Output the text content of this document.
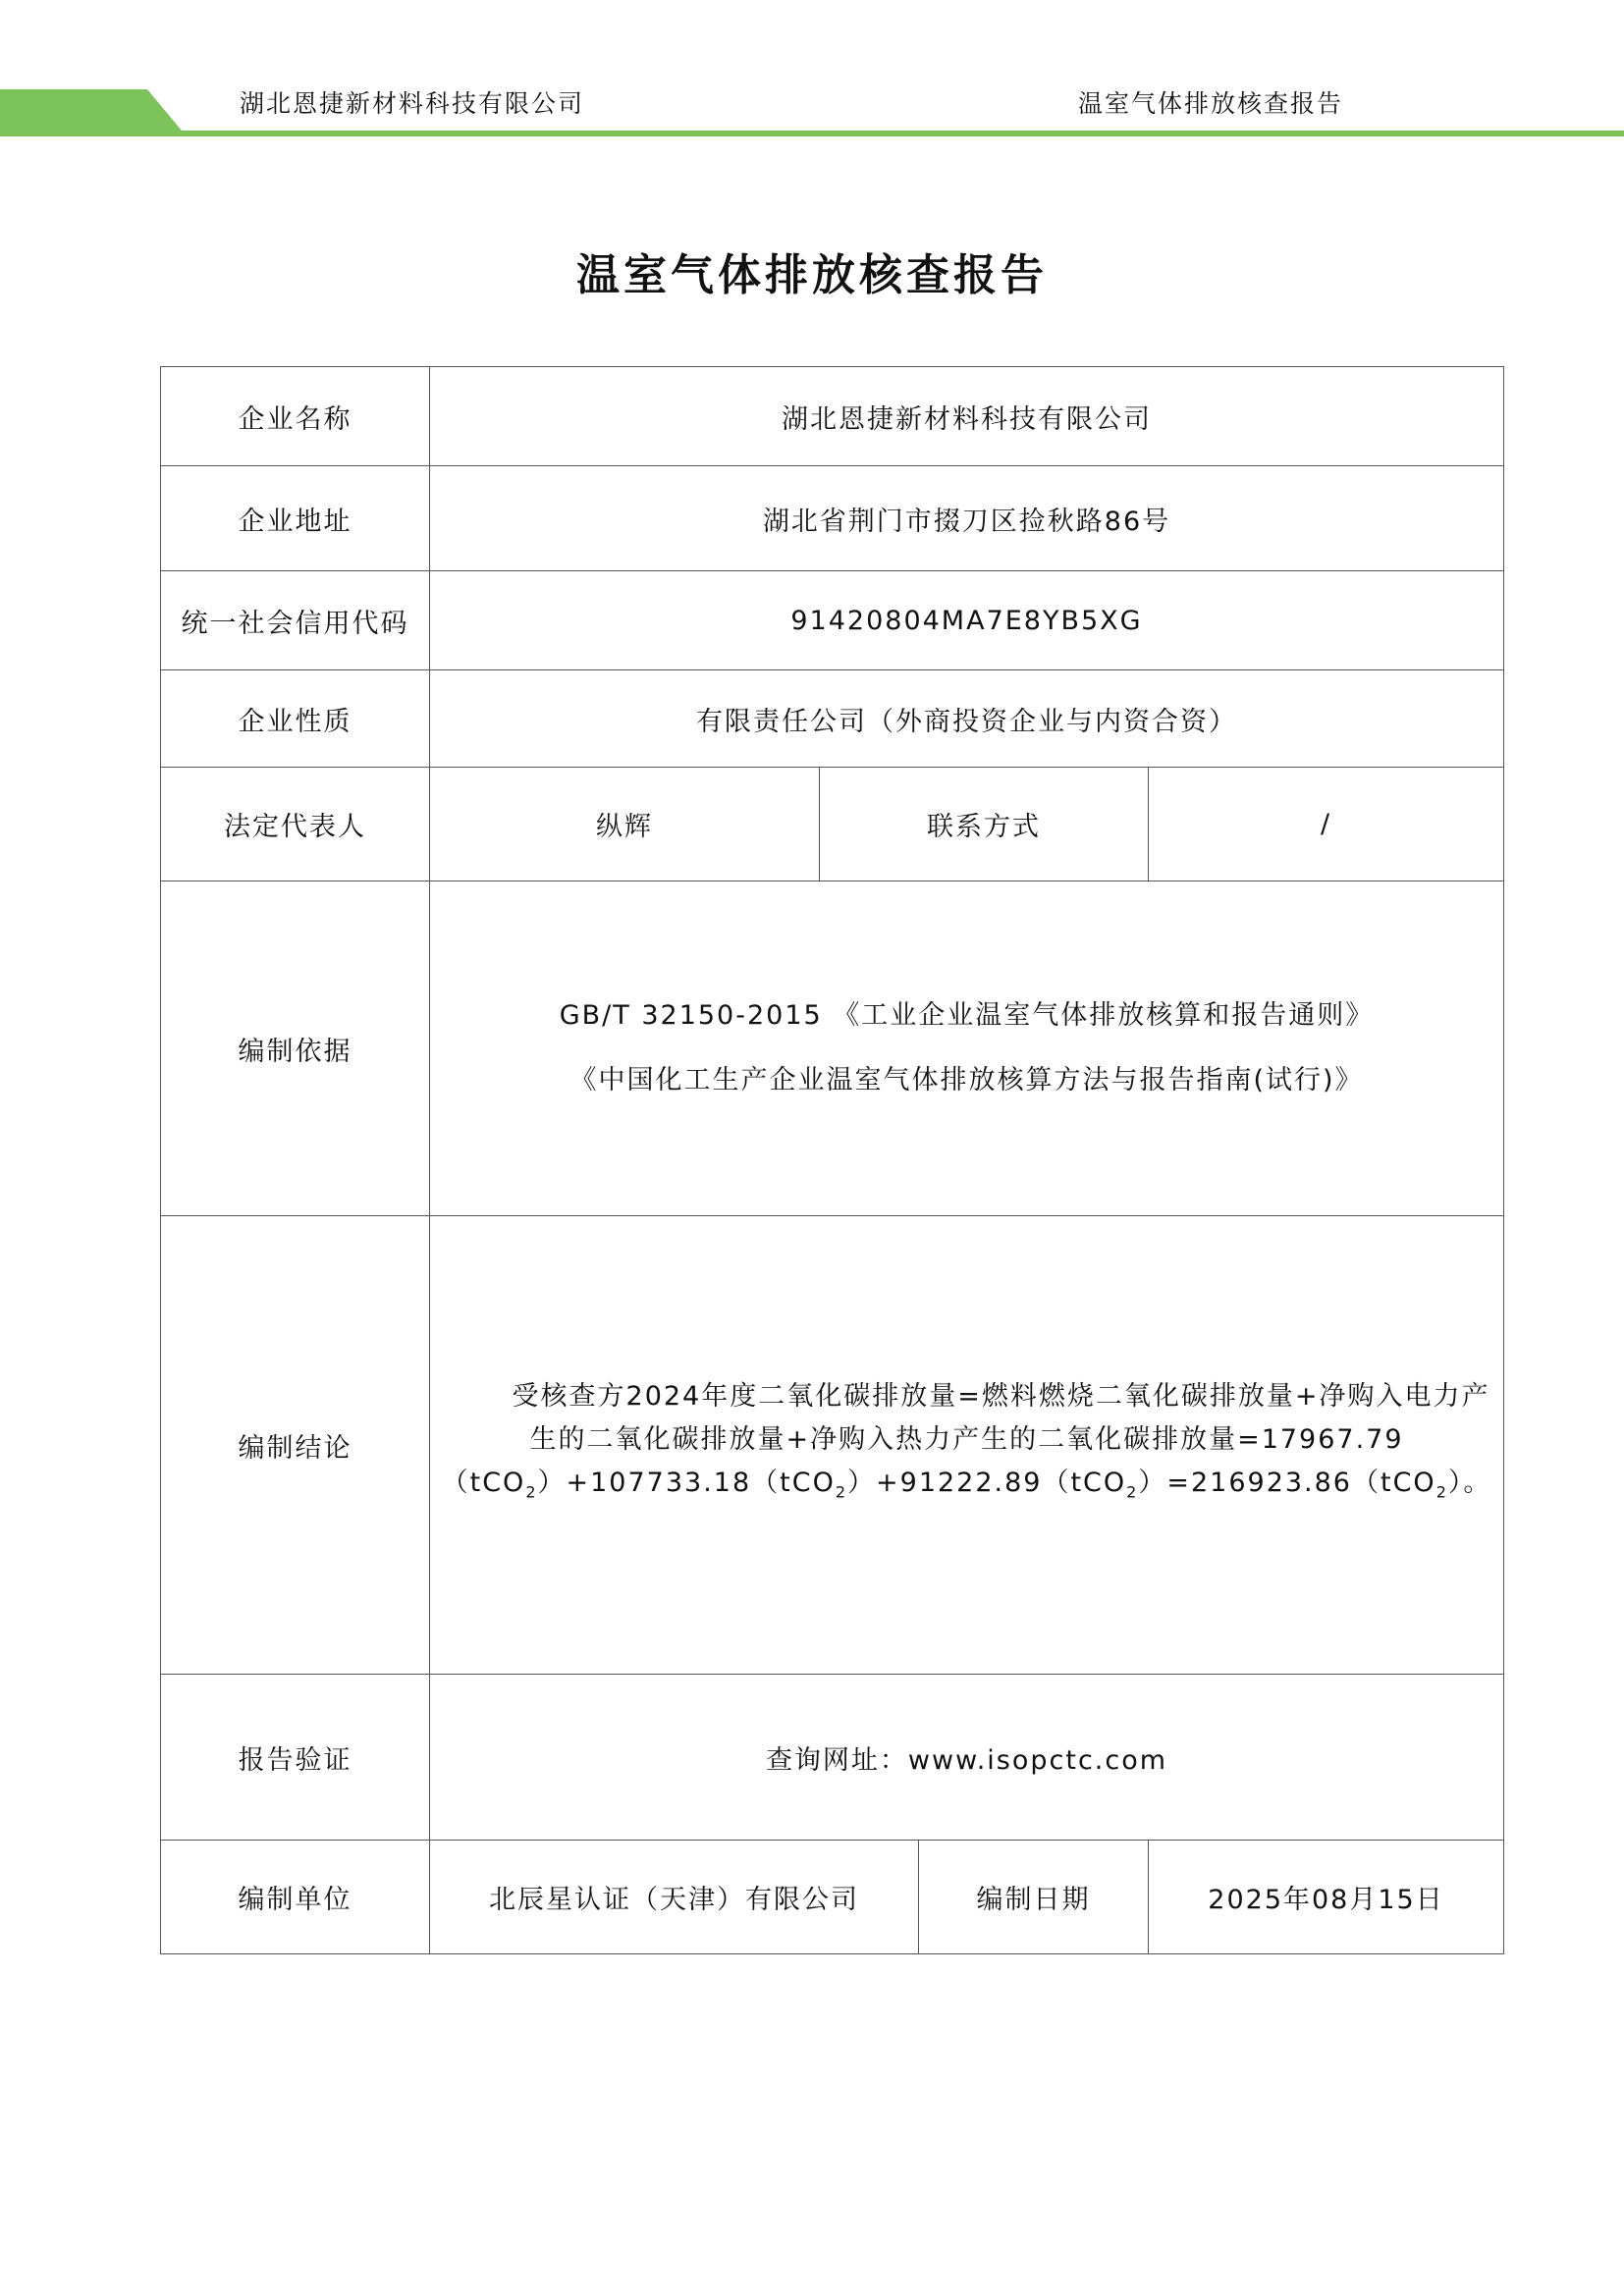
湖北恩捷新材料科技有限公司	温室气体排放核查报告
温室气体排放核查报告
企业名称	湖北恩捷新材料科技有限公司			
企业地址	湖北省荆门市掇刀区捡秋路86号			
统一社会信用代码	91420804MA7E8YB5XG			
企业性质	有限责任公司（外商投资企业与内资合资）			
法定代表人	纵辉	联系方式		/
编制依据	GB/T 32150-2015 《工业企业温室气体排放核算和报告通则》
《中国化工生产企业温室气体排放核算方法与报告指南(试行)》			

编制结论	受核查方2024年度二氧化碳排放量=燃料燃烧二氧化碳排放量+净购入电力产生的二氧化碳排放量+净购入热力产生的二氧化碳排放量=17967.79（tCO$_2$）+107733.18（tCO$_2$）+91222.89（tCO$_2$）=216923.86（tCO$_2$）。			
报告验证	查询网址：www.isopctc.com			
编制单位	北辰星认证（天津）有限公司		编制日期	2025年08月15日
